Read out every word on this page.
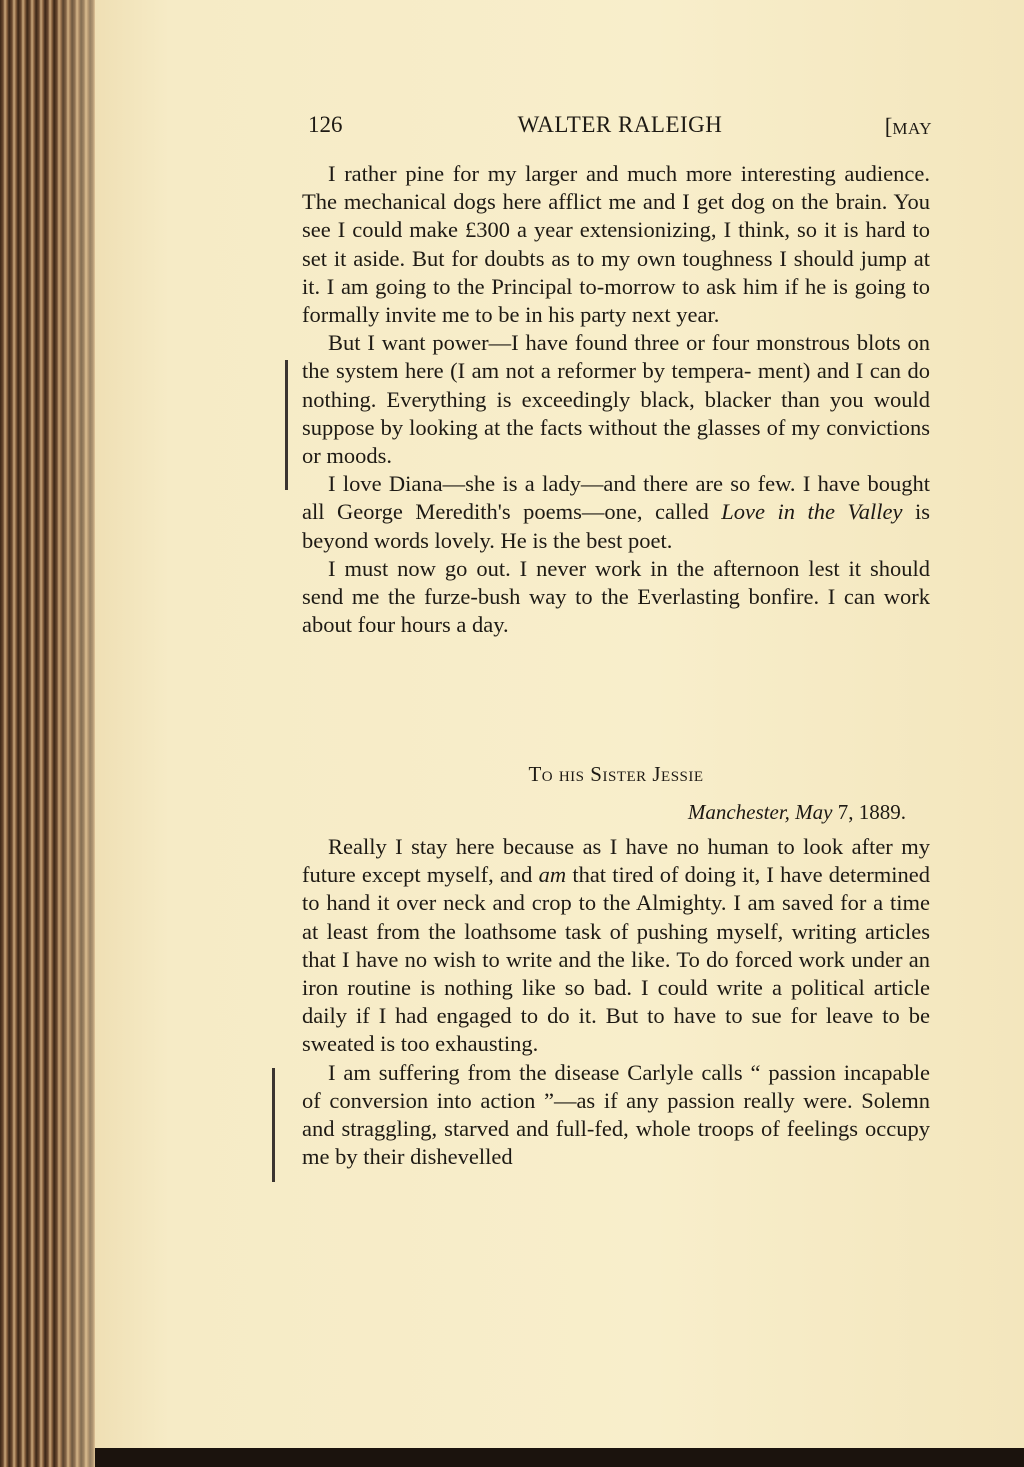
126	WALTER RALEIGH	[MAY

I rather pine for my larger and much more interesting audience. The mechanical dogs here afflict me and I get dog on the brain. You see I could make £300 a year extensionizing, I think, so it is hard to set it aside. But for doubts as to my own toughness I should jump at it. I am going to the Principal to-morrow to ask him if he is going to formally invite me to be in his party next year.

But I want power—I have found three or four monstrous blots on the system here (I am not a reformer by tempera- ment) and I can do nothing. Everything is exceedingly black, blacker than you would suppose by looking at the facts without the glasses of my convictions or moods.

I love Diana—she is a lady—and there are so few. I have bought all George Meredith's poems—one, called Love in the Valley is beyond words lovely. He is the best poet.

I must now go out. I never work in the afternoon lest it should send me the furze-bush way to the Everlasting bonfire. I can work about four hours a day.

To his Sister Jessie
Manchester, May 7, 1889.

Really I stay here because as I have no human to look after my future except myself, and am that tired of doing it, I have determined to hand it over neck and crop to the Almighty. I am saved for a time at least from the loathsome task of pushing myself, writing articles that I have no wish to write and the like. To do forced work under an iron routine is nothing like so bad. I could write a political article daily if I had engaged to do it. But to have to sue for leave to be sweated is too exhausting.

I am suffering from the disease Carlyle calls “ passion incapable of conversion into action ”—as if any passion really were. Solemn and straggling, starved and full-fed, whole troops of feelings occupy me by their dishevelled
